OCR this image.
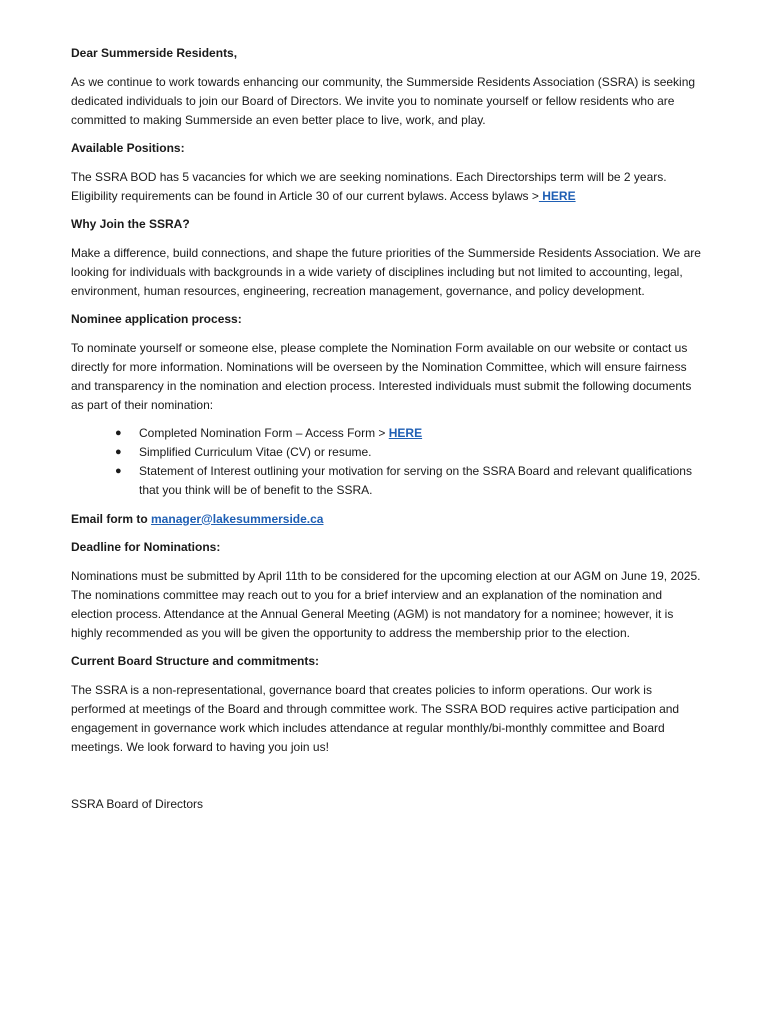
Dear Summerside Residents,

As we continue to work towards enhancing our community, the Summerside Residents Association (SSRA) is seeking dedicated individuals to join our Board of Directors. We invite you to nominate yourself or fellow residents who are committed to making Summerside an even better place to live, work, and play.

Available Positions:

The SSRA BOD has 5 vacancies for which we are seeking nominations. Each Directorships term will be 2 years. Eligibility requirements can be found in Article 30 of our current bylaws. Access bylaws > HERE

Why Join the SSRA?

Make a difference, build connections, and shape the future priorities of the Summerside Residents Association. We are looking for individuals with backgrounds in a wide variety of disciplines including but not limited to accounting, legal, environment, human resources, engineering, recreation management, governance, and policy development.

Nominee application process:

To nominate yourself or someone else, please complete the Nomination Form available on our website or contact us directly for more information. Nominations will be overseen by the Nomination Committee, which will ensure fairness and transparency in the nomination and election process. Interested individuals must submit the following documents as part of their nomination:

● Completed Nomination Form – Access Form > HERE
● Simplified Curriculum Vitae (CV) or resume.
● Statement of Interest outlining your motivation for serving on the SSRA Board and relevant qualifications that you think will be of benefit to the SSRA.

Email form to manager@lakesummerside.ca

Deadline for Nominations:

Nominations must be submitted by April 11th to be considered for the upcoming election at our AGM on June 19, 2025. The nominations committee may reach out to you for a brief interview and an explanation of the nomination and election process. Attendance at the Annual General Meeting (AGM) is not mandatory for a nominee; however, it is highly recommended as you will be given the opportunity to address the membership prior to the election.

Current Board Structure and commitments:

The SSRA is a non-representational, governance board that creates policies to inform operations. Our work is performed at meetings of the Board and through committee work. The SSRA BOD requires active participation and engagement in governance work which includes attendance at regular monthly/bi-monthly committee and Board meetings. We look forward to having you join us!

SSRA Board of Directors
